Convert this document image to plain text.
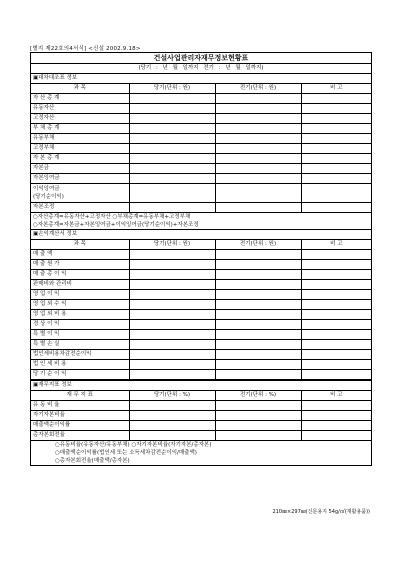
[별지 제22호의4서식] <신설 2002.9.18>
건설사업관리자재무정보현황표
(당기 : 년 월 일까지 전기 : 년 월 일까지)
▣대차대조표 정보
과 목	당기(단위 : 원)	전기(단위 : 원)	비 고
자 산 총 계			
유동자산			
고정자산			
부 채 총 계			
유동부채			
고정부채			
자 본 총 계			
자본금			
자본잉여금			
이익잉여금
(당기순이익)			
자본조정			
○자산총계=유동자산+고정자산 ○부채총계=유동부채+고정부채
○자본총계=자본금+자본잉여금+이익잉여금(당기순이익)+자본조정
▣손익계산서 정보
과 목	당기(단위 : 원)	전기(단위 : 원)	비 고
매 출 액			
매 출 원 가			
매 출 총 이 익			
판매비와 관리비			
영 업 이 익			
영 업 외 수 익			
영 업 외 비 용			
경 상 이 익			
특 별 이 익			
특 별 손 실			
법인세비용차감전순이익			
법 인 세 비 용			
당 기 순 이 익			
▣재무지표 정보
재 무 지 표	당기(단위 : %)	전기(단위 : %)	비 고
유 동 비 율			
자기자본비율			
매출액순이익률			
총자본회전율			
○유동비율(유동자산/유동부채) ○자기자본비율(자기자본/총자본)
○매출액순이익률(법인세 또는 소득세차감전순이익/매출액)
○총자본회전율(매출액/총자본)
210㎜×297㎜(신문용지 54g/㎡(재활용품))
